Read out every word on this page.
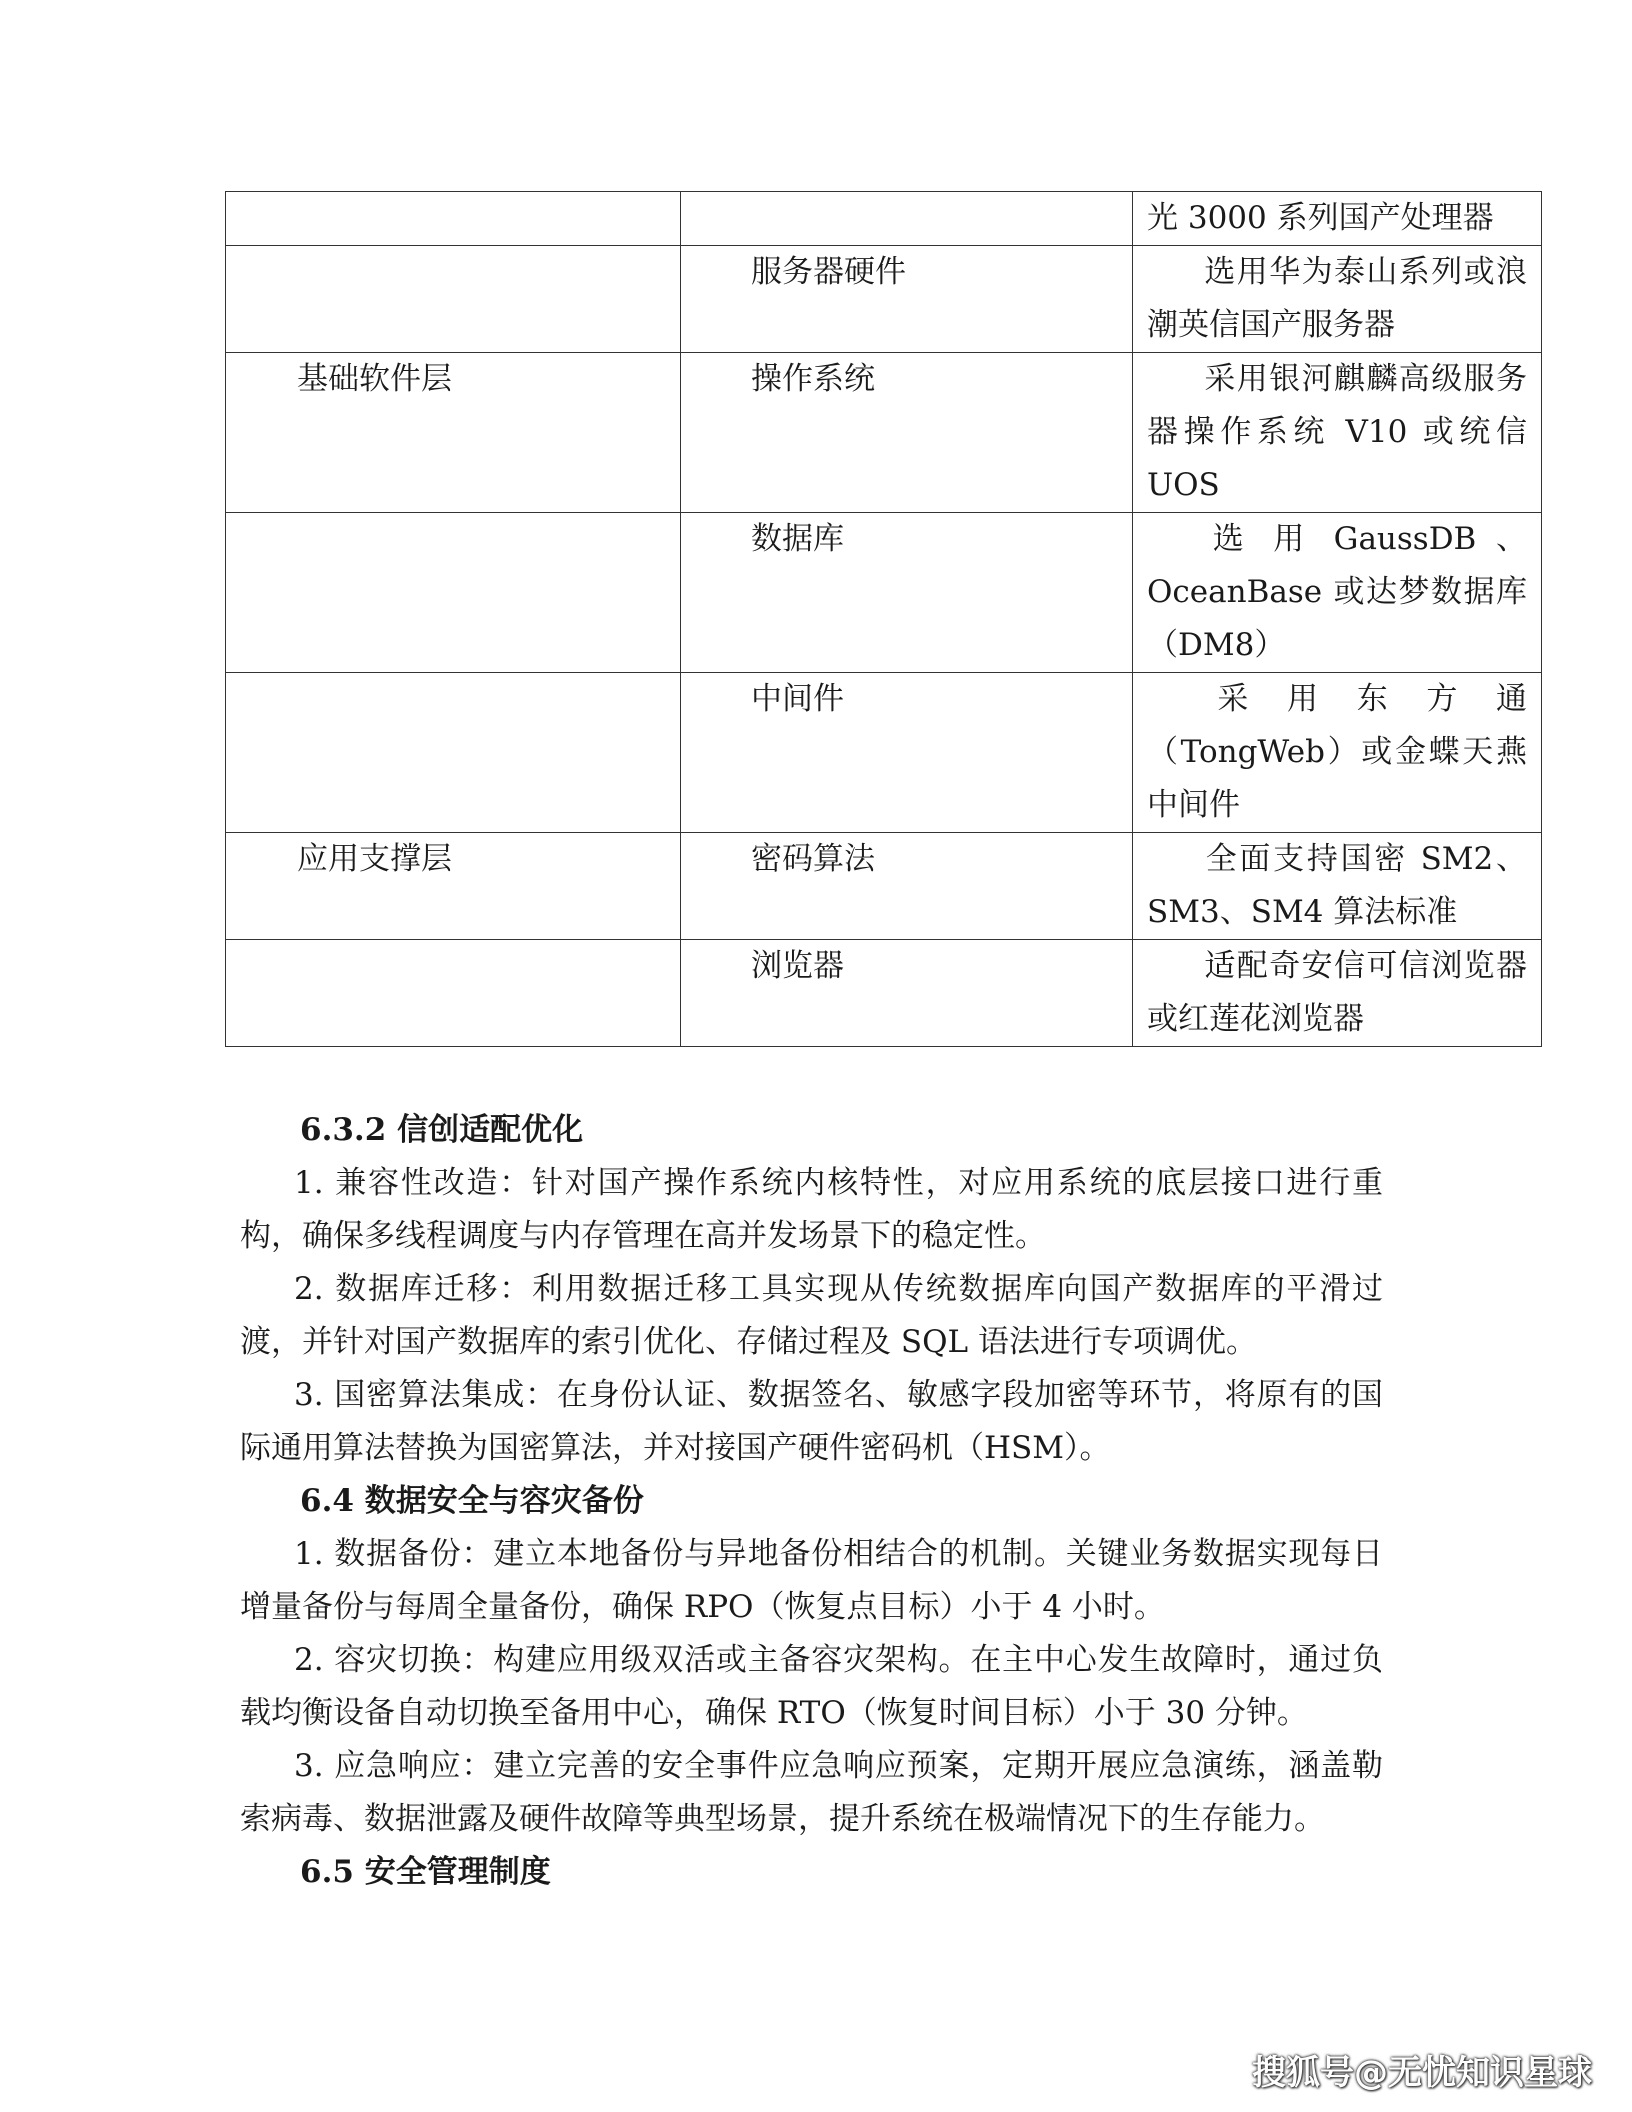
		光 3000 系列国产处理器
	服务器硬件	选用华为泰山系列或浪潮英信国产服务器
基础软件层	操作系统	采用银河麒麟高级服务器操作系统 V10 或统信 UOS
	数据库	选 用 GaussDB 、OceanBase 或达梦数据库（DM8）
	中间件	采 用 东 方 通（TongWeb）或金蝶天燕中间件
应用支撑层	密码算法	全面支持国密 SM2、SM3、SM4 算法标准
	浏览器	适配奇安信可信浏览器或红莲花浏览器
6.3.2 信创适配优化

1. 兼容性改造：针对国产操作系统内核特性，对应用系统的底层接口进行重构，确保多线程调度与内存管理在高并发场景下的稳定性。

2. 数据库迁移：利用数据迁移工具实现从传统数据库向国产数据库的平滑过渡，并针对国产数据库的索引优化、存储过程及 SQL 语法进行专项调优。

3. 国密算法集成：在身份认证、数据签名、敏感字段加密等环节，将原有的国际通用算法替换为国密算法，并对接国产硬件密码机（HSM）。

6.4 数据安全与容灾备份

1. 数据备份：建立本地备份与异地备份相结合的机制。关键业务数据实现每日增量备份与每周全量备份，确保 RPO（恢复点目标）小于 4 小时。

2. 容灾切换：构建应用级双活或主备容灾架构。在主中心发生故障时，通过负载均衡设备自动切换至备用中心，确保 RTO（恢复时间目标）小于 30 分钟。

3. 应急响应：建立完善的安全事件应急响应预案，定期开展应急演练，涵盖勒索病毒、数据泄露及硬件故障等典型场景，提升系统在极端情况下的生存能力。

6.5 安全管理制度
搜狐号@无忧知识星球
